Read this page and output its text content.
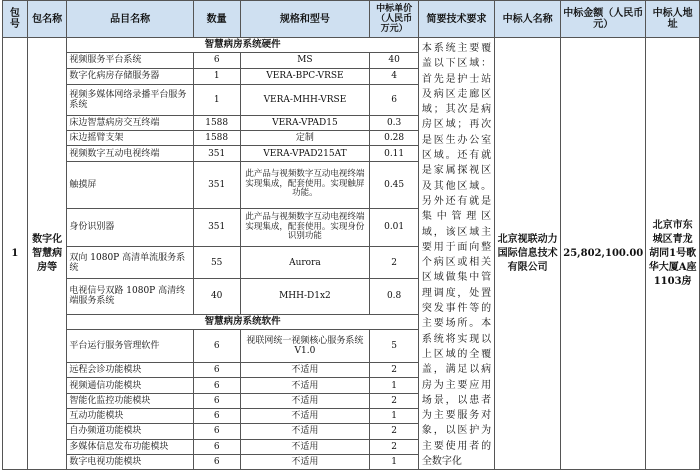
包号	包名称	品目名称	数量	规格和型号	中标单价（人民币万元）	简要技术要求	中标人名称	中标金额（人民币元）	中标人地址
1	数字化智慧病房等	智慧病房系统硬件				本系统主要覆盖以下区域：首先是护士站及病区走廊区域；其次是病房区域；再次是医生办公室区域。还有就是家属探视区及其他区域。另外还有就是集中管理区域，该区域主要用于面向整个病区或相关区域做集中管理调度，处置突发事件等的主要场所。本系统将实现以上区域的全覆盖，满足以病房为主要应用场景，以患者为主要服务对象，以医护为主要使用者的全数字化	北京视联动力国际信息技术有限公司	25,802,100.00	北京市东城区青龙胡同1号歌华大厦A座1103房
		视频服务平台系统	6	MS	40				
		数字化病房存储服务器	1	VERA-BPC-VRSE	4				
		视频多媒体网络录播平台服务系统	1	VERA-MHH-VRSE	6				
		床边智慧病房交互终端	1588	VERA-VPAD15	0.3				
		床边摇臂支架	1588	定制	0.28				
		视频数字互动电视终端	351	VERA-VPAD215AT	0.11				
		触摸屏	351	此产品与视频数字互动电视终端实现集成，配套使用。实现触屏功能。	0.45				
		身份识别器	351	此产品与视频数字互动电视终端实现集成，配套使用。实现身份识别功能	0.01				
		双向 1080P 高清单流服务系统	55	Aurora	2				
		电视信号双路 1080P 高清终端服务系统	40	MHH-D1x2	0.8				
		智慧病房系统软件							
		平台运行服务管理软件	6	视联网统一视频核心服务系统 V1.0	5				
		远程会诊功能模块	6	不适用	2				
		视频通信功能模块	6	不适用	1				
		智能化监控功能模块	6	不适用	2				
		互动功能模块	6	不适用	1				
		自办频道功能模块	6	不适用	2				
		多媒体信息发布功能模块	6	不适用	2				
		数字电视功能模块	6	不适用	1				
